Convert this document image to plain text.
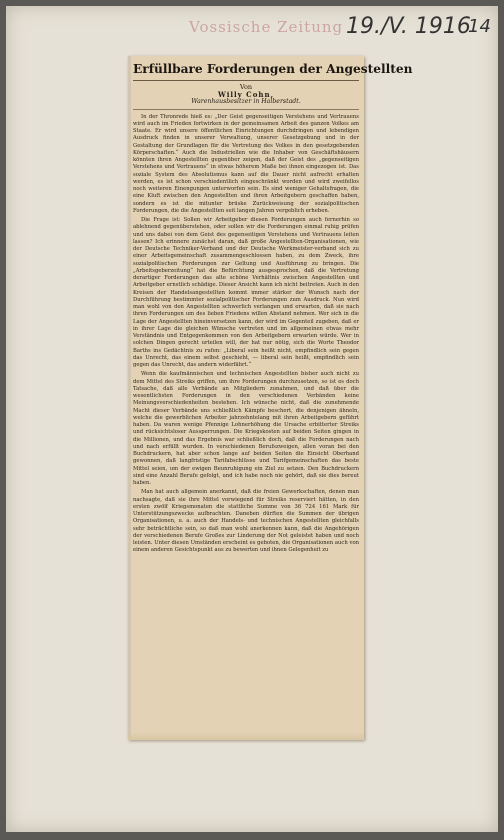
Vossische Zeitung 19./V. 1916
14
Erfüllbare Forderungen der Angestellten
Von
Willy Cohn,
Warenhausbesitzer in Halberstadt.

In der Thronrede hieß es: „Der Geist gegenseitigen Verstehens und Vertrauens wird auch im Frieden fortwirken in der gemeinsamen Arbeit des ganzen Volkes am Staate. Er wird unsere öffentlichen Einrichtungen durchdringen und lebendigen Ausdruck finden in unserer Verwaltung, unserer Gesetzgebung und in der Gestaltung der Grundlagen für die Vertretung des Volkes in den gesetzgebenden Körperschaften.“ Auch die Industriellen wie die Inhaber von Geschäftshäusern könnten ihren Angestellten gegenüber zeigen, daß der Geist des „gegenseitigen Verstehens und Vertrauens“ in etwas höherem Maße bei ihnen eingezogen ist. Das soziale System des Absolutismus kann auf die Dauer nicht aufrecht erhalten werden, es ist schon verschiedentlich eingeschränkt worden und wird zweifellos noch weiteren Einengungen unterworfen sein. Es sind weniger Gehaltsfragen, die eine Kluft zwischen den Angestellten und ihren Arbeitgebern geschaffen haben, sondern es ist die mitunter brüske Zurückweisung der sozialpolitischen Forderungen, die die Angestellten seit langen Jahren vergeblich erheben.

Die Frage ist: Sollen wir Arbeitgeber diesen Forderungen auch fernerhin so ablehnend gegenüberstehen, oder sollen wir die Forderungen einmal ruhig prüfen und uns dabei von dem Geist des gegenseitigen Verstehens und Vertrauens leiten lassen? Ich erinnere zunächst daran, daß große Angestellten-Organisationen, wie der Deutsche Techniker-Verband und der Deutsche Werkmeister-verband sich zu einer Arbeitsgemeinschaft zusammengeschlossen haben, zu dem Zweck, ihre sozialpolitischen Forderungen zur Geltung und Ausführung zu bringen. Die „Arbeitsgeberzeitung“ hat die Befürchtung ausgesprochen, daß die Vertretung derartiger Forderungen das alte schöne Verhältnis zwischen Angestellten und Arbeitgeber ernstlich schädige. Dieser Ansicht kann ich nicht beitreten. Auch in den Kreisen der Handelsangestellten kommt immer stärker der Wunsch nach der Durchführung bestimmter sozialpolitischer Forderungen zum Ausdruck. Nun wird man wohl von den Angestellten schwerlich verlangen und erwarten, daß sie nach ihren Forderungen um des lieben Friedens willen Abstand nehmen. Wer sich in die Lage der Angestellten hineinversetzen kann, der wird im Gegenteil zugeben, daß er in ihrer Lage die gleichen Wünsche vertreten und im allgemeinen etwas mehr Verständnis und Entgegenkommen von den Arbeitgebern erwarten würde. Wer in solchen Dingen gerecht urteilen will, der hat nur nötig, sich die Worte Theodor Barths ins Gedächtnis zu rufen: „Liberal sein heißt nicht, empfindlich sein gegen das Unrecht, das einem selbst geschieht, — liberal sein heißt, empfindlich sein gegen das Unrecht, das andern widerfährt.“

Wenn die kaufmännischen und technischen Angestellten bisher auch nicht zu dem Mittel des Streiks griffen, um ihre Forderungen durchzusetzen, so ist es doch Tatsache, daß alle Verbände an Mitgliedern zunahmen, und daß über die wesentlichsten Forderungen in den verschiedenen Verbänden keine Meinungsverschiedenheiten bestehen. Ich wünsche nicht, daß die zunehmende Macht dieser Verbände uns schließlich Kämpfe beschert, die denjenigen ähneln, welche die gewerblichen Arbeiter jahrzehntelang mit ihren Arbeitgebern geführt haben. Da waren wenige Pfennige Lohnerhöhung die Ursache erbitterter Streiks und rücksichtsloser Aussperrungen. Die Kriegskosten auf beiden Seiten gingen in die Millionen, und das Ergebnis war schließlich doch, daß die Forderungen nach und nach erfüllt wurden. In verschiedenen Berufszweigen, allen voran bei den Buchdruckern, hat aber schon lange auf beiden Seiten die Einsicht Oberhand gewonnen, daß langfristige Tarifabschlüsse und Tarifgemeinschaften das beste Mittel seien, um der ewigen Beunruhigung ein Ziel zu setzen. Den Buchdruckern sind eine Anzahl Berufe gefolgt, und ich habe noch nie gehört, daß sie dies bereut haben.

Man hat auch allgemein anerkannt, daß die freien Gewerkschaften, denen man nachsagte, daß sie ihre Mittel vorwiegend für Streiks reserviert hätten, in den ersten zwölf Kriegsmonaten die stattliche Summe von 36 724 161 Mark für Unterstützungszwecke aufbrachten. Daneben dürften die Summen der übrigen Organisationen, u. a. auch der Handels- und technischen Angestellten gleichfalls sehr beträchtliche sein, so daß man wohl anerkennen kann, daß die Angehörigen der verschiedenen Berufe Großes zur Linderung der Not geleistet haben und noch leisten. Unter diesen Umständen erscheint es geboten, die Organisationen auch von einem anderen Gesichtspunkt aus zu bewerten und ihnen Gelegenheit zu
